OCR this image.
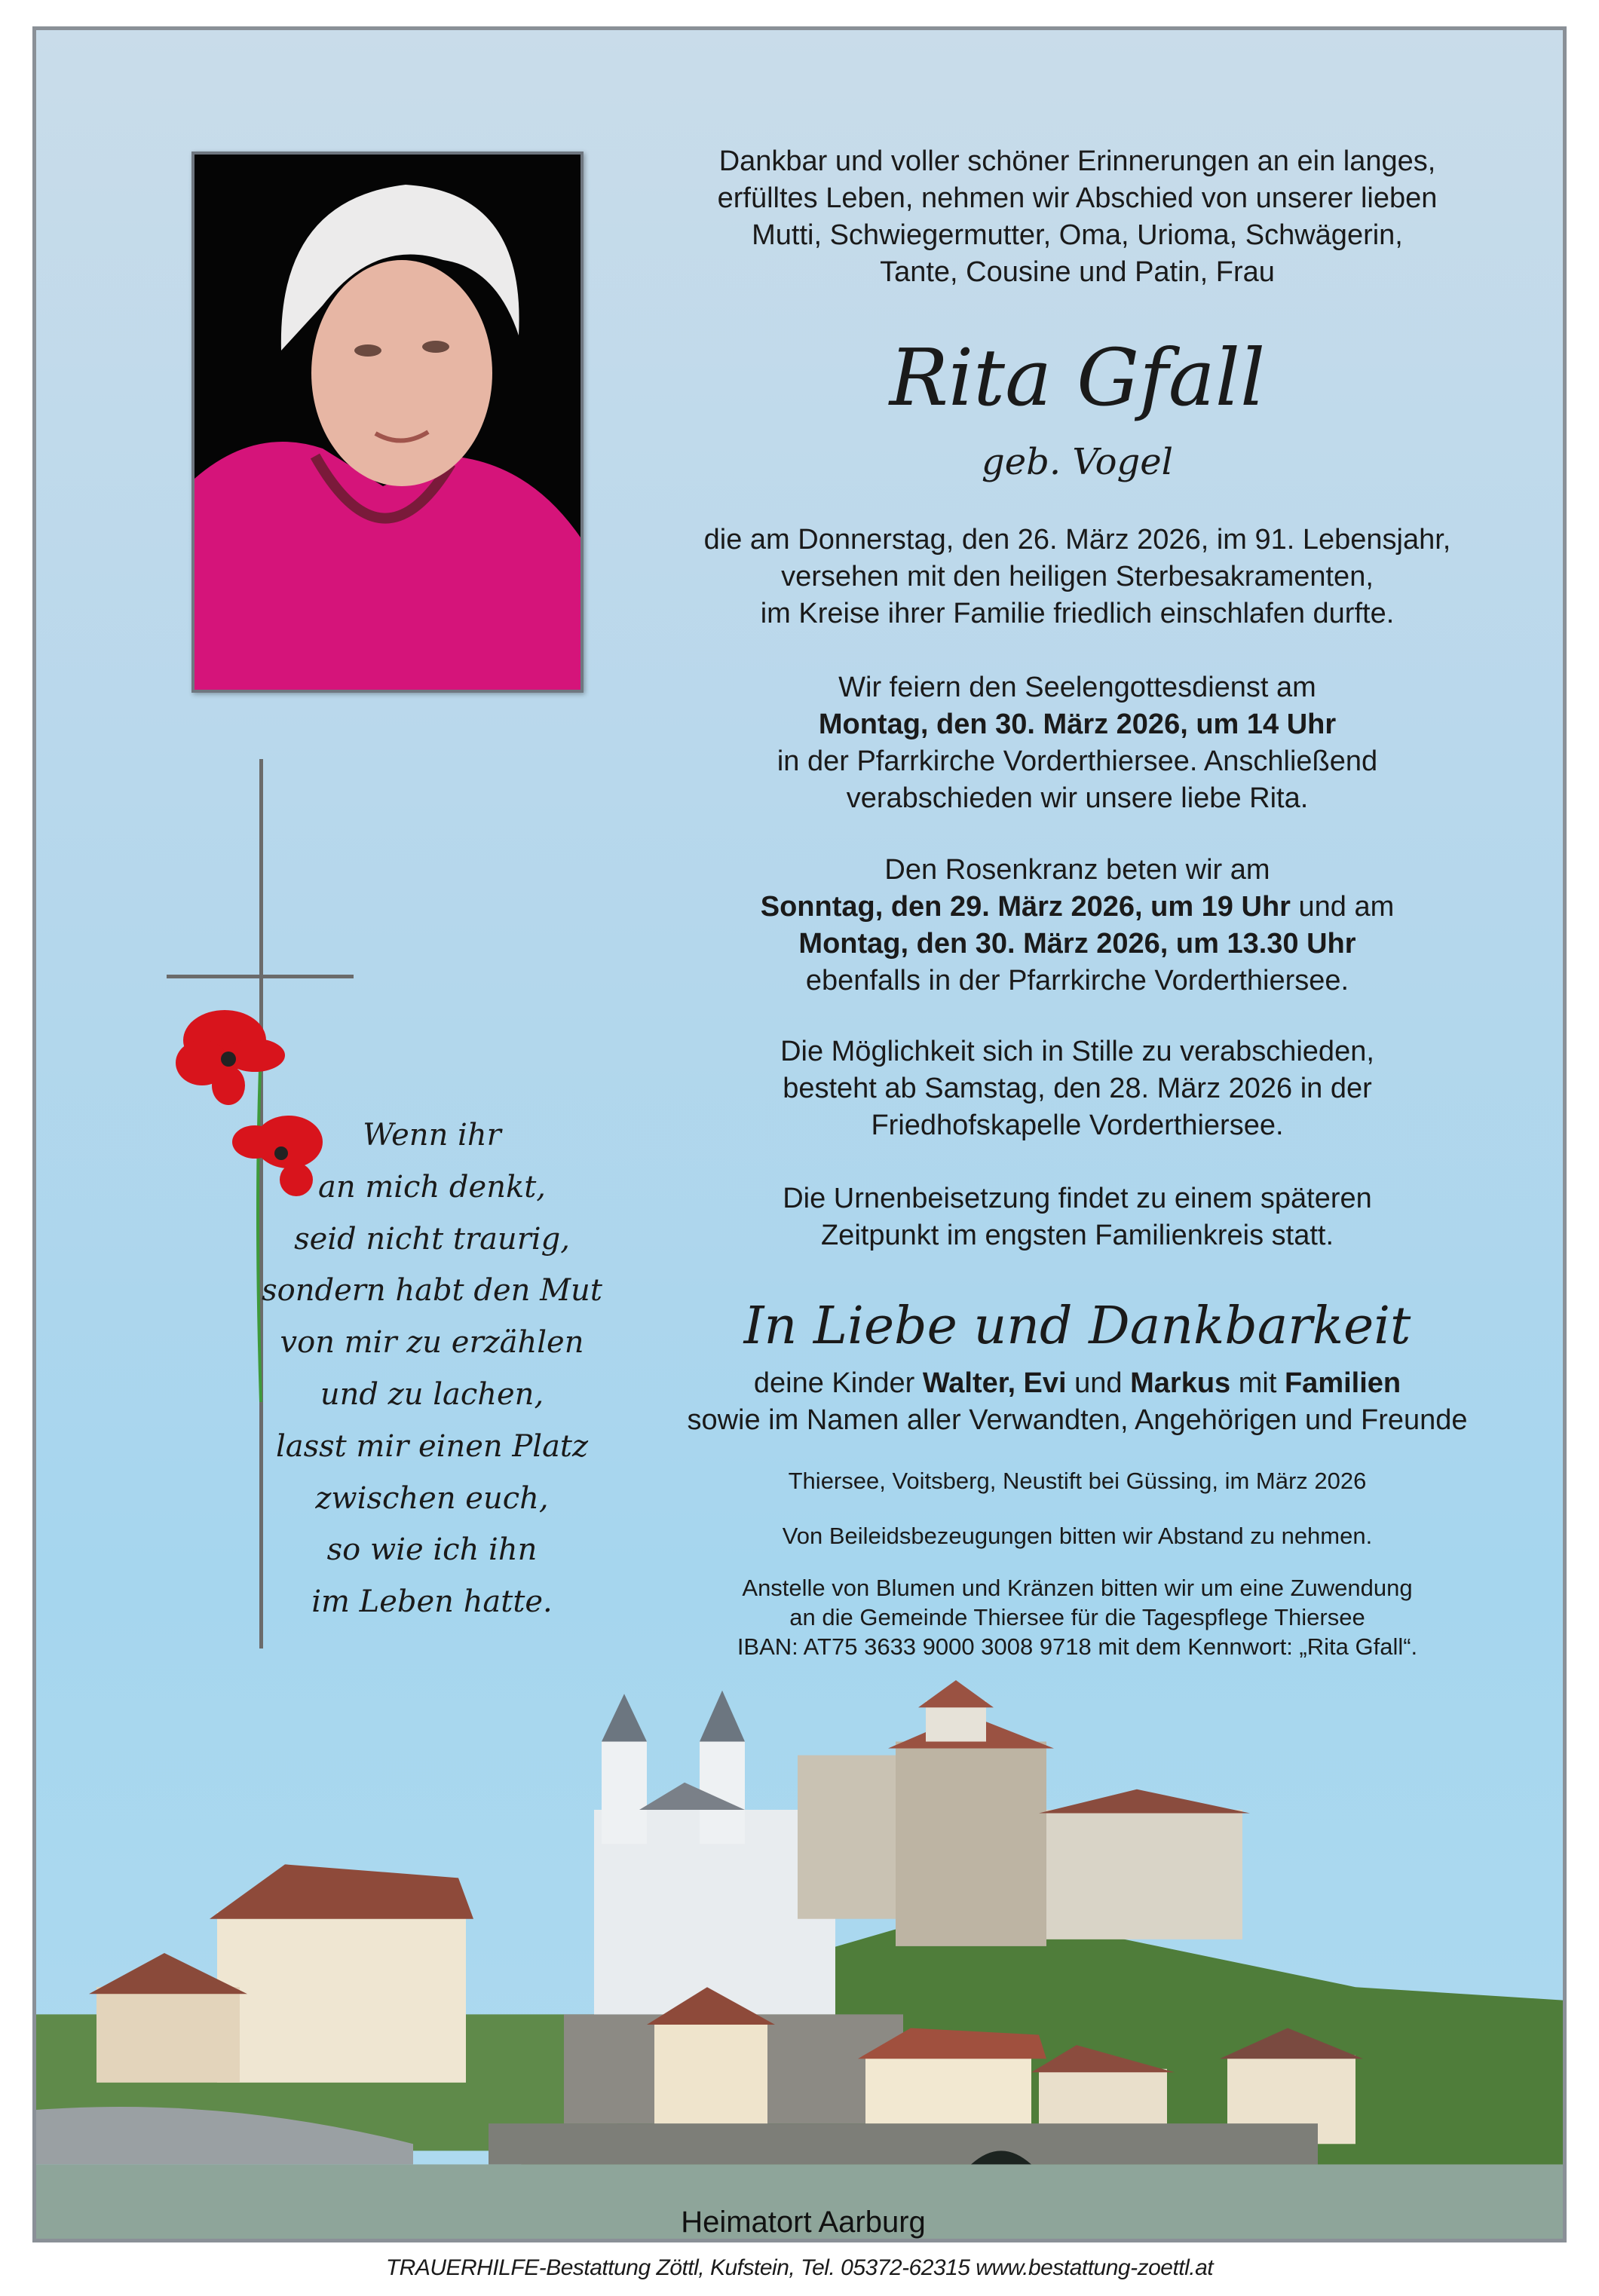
Dankbar und voller schöner Erinnerungen an ein langes,
erfülltes Leben, nehmen wir Abschied von unserer lieben
Mutti, Schwiegermutter, Oma, Urioma, Schwägerin,
Tante, Cousine und Patin, Frau
Rita Gfall
geb. Vogel
die am Donnerstag, den 26. März 2026, im 91. Lebensjahr,
versehen mit den heiligen Sterbesakramenten,
im Kreise ihrer Familie friedlich einschlafen durfte.
Wir feiern den Seelengottesdienst am
Montag, den 30. März 2026, um 14 Uhr
in der Pfarrkirche Vorderthiersee. Anschließend
verabschieden wir unsere liebe Rita.
Den Rosenkranz beten wir am
Sonntag, den 29. März 2026, um 19 Uhr und am
Montag, den 30. März 2026, um 13.30 Uhr
ebenfalls in der Pfarrkirche Vorderthiersee.
Die Möglichkeit sich in Stille zu verabschieden,
besteht ab Samstag, den 28. März 2026 in der
Friedhofskapelle Vorderthiersee.
Die Urnenbeisetzung findet zu einem späteren
Zeitpunkt im engsten Familienkreis statt.
In Liebe und Dankbarkeit
deine Kinder Walter, Evi und Markus mit Familien
sowie im Namen aller Verwandten, Angehörigen und Freunde
Thiersee, Voitsberg, Neustift bei Güssing, im März 2026
Von Beileidsbezeugungen bitten wir Abstand zu nehmen.
Anstelle von Blumen und Kränzen bitten wir um eine Zuwendung
an die Gemeinde Thiersee für die Tagespflege Thiersee
IBAN: AT75 3633 9000 3008 9718 mit dem Kennwort: „Rita Gfall“.
Wenn ihr
an mich denkt,
seid nicht traurig,
sondern habt den Mut
von mir zu erzählen
und zu lachen,
lasst mir einen Platz
zwischen euch,
so wie ich ihn
im Leben hatte.
Heimatort Aarburg
TRAUERHILFE-Bestattung Zöttl, Kufstein, Tel. 05372-62315 www.bestattung-zoettl.at
